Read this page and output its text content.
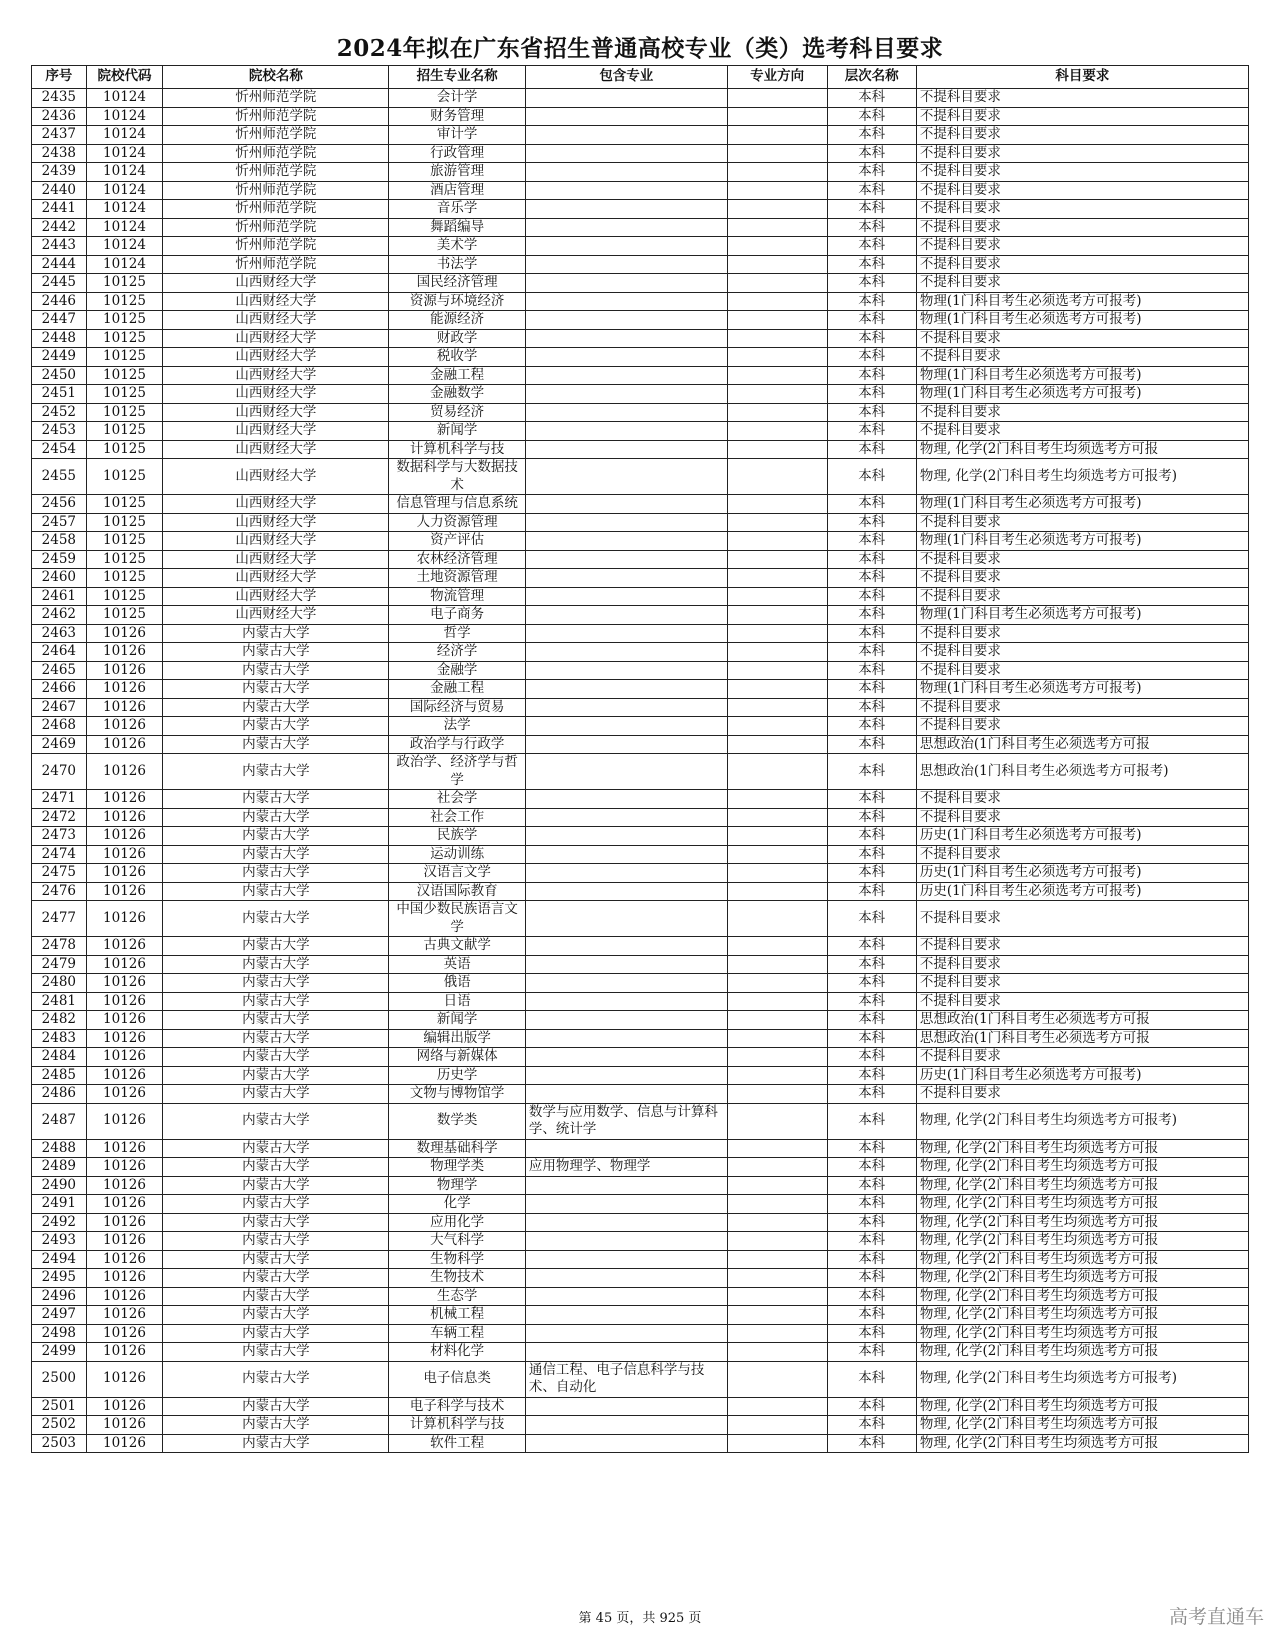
2024年拟在广东省招生普通高校专业（类）选考科目要求
序号	院校代码	院校名称	招生专业名称	包含专业	专业方向	层次名称	科目要求
2435	10124	忻州师范学院	会计学			本科	不提科目要求
2436	10124	忻州师范学院	财务管理			本科	不提科目要求
2437	10124	忻州师范学院	审计学			本科	不提科目要求
2438	10124	忻州师范学院	行政管理			本科	不提科目要求
2439	10124	忻州师范学院	旅游管理			本科	不提科目要求
2440	10124	忻州师范学院	酒店管理			本科	不提科目要求
2441	10124	忻州师范学院	音乐学			本科	不提科目要求
2442	10124	忻州师范学院	舞蹈编导			本科	不提科目要求
2443	10124	忻州师范学院	美术学			本科	不提科目要求
2444	10124	忻州师范学院	书法学			本科	不提科目要求
2445	10125	山西财经大学	国民经济管理			本科	不提科目要求
2446	10125	山西财经大学	资源与环境经济			本科	物理(1门科目考生必须选考方可报考)
2447	10125	山西财经大学	能源经济			本科	物理(1门科目考生必须选考方可报考)
2448	10125	山西财经大学	财政学			本科	不提科目要求
2449	10125	山西财经大学	税收学			本科	不提科目要求
2450	10125	山西财经大学	金融工程			本科	物理(1门科目考生必须选考方可报考)
2451	10125	山西财经大学	金融数学			本科	物理(1门科目考生必须选考方可报考)
2452	10125	山西财经大学	贸易经济			本科	不提科目要求
2453	10125	山西财经大学	新闻学			本科	不提科目要求
2454	10125	山西财经大学	计算机科学与技			本科	物理, 化学(2门科目考生均须选考方可报
2455	10125	山西财经大学	数据科学与大数据技术			本科	物理, 化学(2门科目考生均须选考方可报考)
2456	10125	山西财经大学	信息管理与信息系统			本科	物理(1门科目考生必须选考方可报考)
2457	10125	山西财经大学	人力资源管理			本科	不提科目要求
2458	10125	山西财经大学	资产评估			本科	物理(1门科目考生必须选考方可报考)
2459	10125	山西财经大学	农林经济管理			本科	不提科目要求
2460	10125	山西财经大学	土地资源管理			本科	不提科目要求
2461	10125	山西财经大学	物流管理			本科	不提科目要求
2462	10125	山西财经大学	电子商务			本科	物理(1门科目考生必须选考方可报考)
2463	10126	内蒙古大学	哲学			本科	不提科目要求
2464	10126	内蒙古大学	经济学			本科	不提科目要求
2465	10126	内蒙古大学	金融学			本科	不提科目要求
2466	10126	内蒙古大学	金融工程			本科	物理(1门科目考生必须选考方可报考)
2467	10126	内蒙古大学	国际经济与贸易			本科	不提科目要求
2468	10126	内蒙古大学	法学			本科	不提科目要求
2469	10126	内蒙古大学	政治学与行政学			本科	思想政治(1门科目考生必须选考方可报
2470	10126	内蒙古大学	政治学、经济学与哲学			本科	思想政治(1门科目考生必须选考方可报考)
2471	10126	内蒙古大学	社会学			本科	不提科目要求
2472	10126	内蒙古大学	社会工作			本科	不提科目要求
2473	10126	内蒙古大学	民族学			本科	历史(1门科目考生必须选考方可报考)
2474	10126	内蒙古大学	运动训练			本科	不提科目要求
2475	10126	内蒙古大学	汉语言文学			本科	历史(1门科目考生必须选考方可报考)
2476	10126	内蒙古大学	汉语国际教育			本科	历史(1门科目考生必须选考方可报考)
2477	10126	内蒙古大学	中国少数民族语言文学			本科	不提科目要求
2478	10126	内蒙古大学	古典文献学			本科	不提科目要求
2479	10126	内蒙古大学	英语			本科	不提科目要求
2480	10126	内蒙古大学	俄语			本科	不提科目要求
2481	10126	内蒙古大学	日语			本科	不提科目要求
2482	10126	内蒙古大学	新闻学			本科	思想政治(1门科目考生必须选考方可报
2483	10126	内蒙古大学	编辑出版学			本科	思想政治(1门科目考生必须选考方可报
2484	10126	内蒙古大学	网络与新媒体			本科	不提科目要求
2485	10126	内蒙古大学	历史学			本科	历史(1门科目考生必须选考方可报考)
2486	10126	内蒙古大学	文物与博物馆学			本科	不提科目要求
2487	10126	内蒙古大学	数学类	数学与应用数学、信息与计算科学、统计学		本科	物理, 化学(2门科目考生均须选考方可报考)
2488	10126	内蒙古大学	数理基础科学			本科	物理, 化学(2门科目考生均须选考方可报
2489	10126	内蒙古大学	物理学类	应用物理学、物理学		本科	物理, 化学(2门科目考生均须选考方可报
2490	10126	内蒙古大学	物理学			本科	物理, 化学(2门科目考生均须选考方可报
2491	10126	内蒙古大学	化学			本科	物理, 化学(2门科目考生均须选考方可报
2492	10126	内蒙古大学	应用化学			本科	物理, 化学(2门科目考生均须选考方可报
2493	10126	内蒙古大学	大气科学			本科	物理, 化学(2门科目考生均须选考方可报
2494	10126	内蒙古大学	生物科学			本科	物理, 化学(2门科目考生均须选考方可报
2495	10126	内蒙古大学	生物技术			本科	物理, 化学(2门科目考生均须选考方可报
2496	10126	内蒙古大学	生态学			本科	物理, 化学(2门科目考生均须选考方可报
2497	10126	内蒙古大学	机械工程			本科	物理, 化学(2门科目考生均须选考方可报
2498	10126	内蒙古大学	车辆工程			本科	物理, 化学(2门科目考生均须选考方可报
2499	10126	内蒙古大学	材料化学			本科	物理, 化学(2门科目考生均须选考方可报
2500	10126	内蒙古大学	电子信息类	通信工程、电子信息科学与技术、自动化		本科	物理, 化学(2门科目考生均须选考方可报考)
2501	10126	内蒙古大学	电子科学与技术			本科	物理, 化学(2门科目考生均须选考方可报
2502	10126	内蒙古大学	计算机科学与技			本科	物理, 化学(2门科目考生均须选考方可报
2503	10126	内蒙古大学	软件工程			本科	物理, 化学(2门科目考生均须选考方可报
第 45 页，共 925 页	高考直通车
